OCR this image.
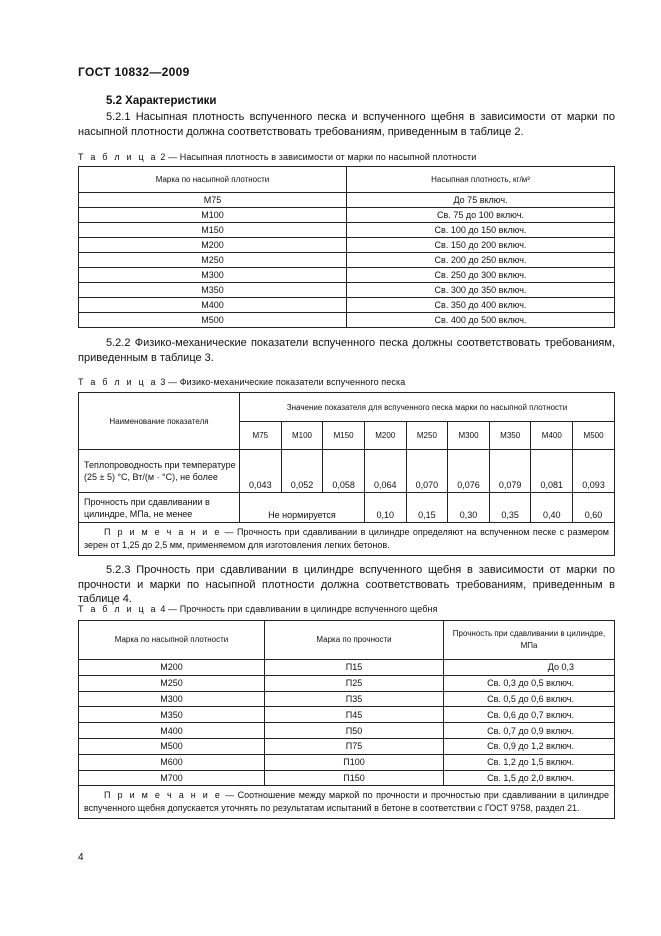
ГОСТ 10832—2009
5.2 Характеристики
5.2.1 Насыпная плотность вспученного песка и вспученного щебня в зависимости от марки по насыпной плотности должна соответствовать требованиям, приведенным в таблице 2.
Т а б л и ц а 2 — Насыпная плотность в зависимости от марки по насыпной плотности
Марка по насыпной плотности	Насыпная плотность, кг/м³
М75	До 75 включ.
М100	Св. 75 до 100 включ.
М150	Св. 100 до 150 включ.
М200	Св. 150 до 200 включ.
М250	Св. 200 до 250 включ.
М300	Св. 250 до 300 включ.
М350	Св. 300 до 350 включ.
М400	Св. 350 до 400 включ.
М500	Св. 400 до 500 включ.
5.2.2 Физико-механические показатели вспученного песка должны соответствовать требованиям, приведенным в таблице 3.
Т а б л и ц а 3 — Физико-механические показатели вспученного песка
Наименование показателя	Значение показателя для вспученного песка марки по насыпной плотности								
	М75	М100	М150	М200	М250	М300	М350	М400	М500
Теплопроводность при температуре (25 ± 5) °С, Вт/(м · °С), не более	0,043	0,052	0,058	0,064	0,070	0,076	0,079	0,081	0,093
Прочность при сдавливании в цилиндре, МПа, не менее	Не нормируется			0,10	0,15	0,30	0,35	0,40	0,60
П р и м е ч а н и е — Прочность при сдавливании в цилиндре определяют на вспученном песке с размером зерен от 1,25 до 2,5 мм, применяемом для изготовления легких бетонов.									
5.2.3 Прочность при сдавливании в цилиндре вспученного щебня в зависимости от марки по прочности и марки по насыпной плотности должна соответствовать требованиям, приведенным в таблице 4.
Т а б л и ц а 4 — Прочность при сдавливании в цилиндре вспученного щебня
Марка по насыпной плотности	Марка по прочности	Прочность при сдавливании в цилиндре, МПа
М200	П15	До 0,3
М250	П25	Св. 0,3 до 0,5 включ.
М300	П35	Св. 0,5 до 0,6 включ.
М350	П45	Св. 0,6 до 0,7 включ.
М400	П50	Св. 0,7 до 0,9 включ.
М500	П75	Св. 0,9 до 1,2 включ.
М600	П100	Св. 1,2 до 1,5 включ.
М700	П150	Св. 1,5 до 2,0 включ.
П р и м е ч а н и е — Соотношение между маркой по прочности и прочностью при сдавливании в цилиндре вспученного щебня допускается уточнять по результатам испытаний в бетоне в соответствии с ГОСТ 9758, раздел 21.		
4
